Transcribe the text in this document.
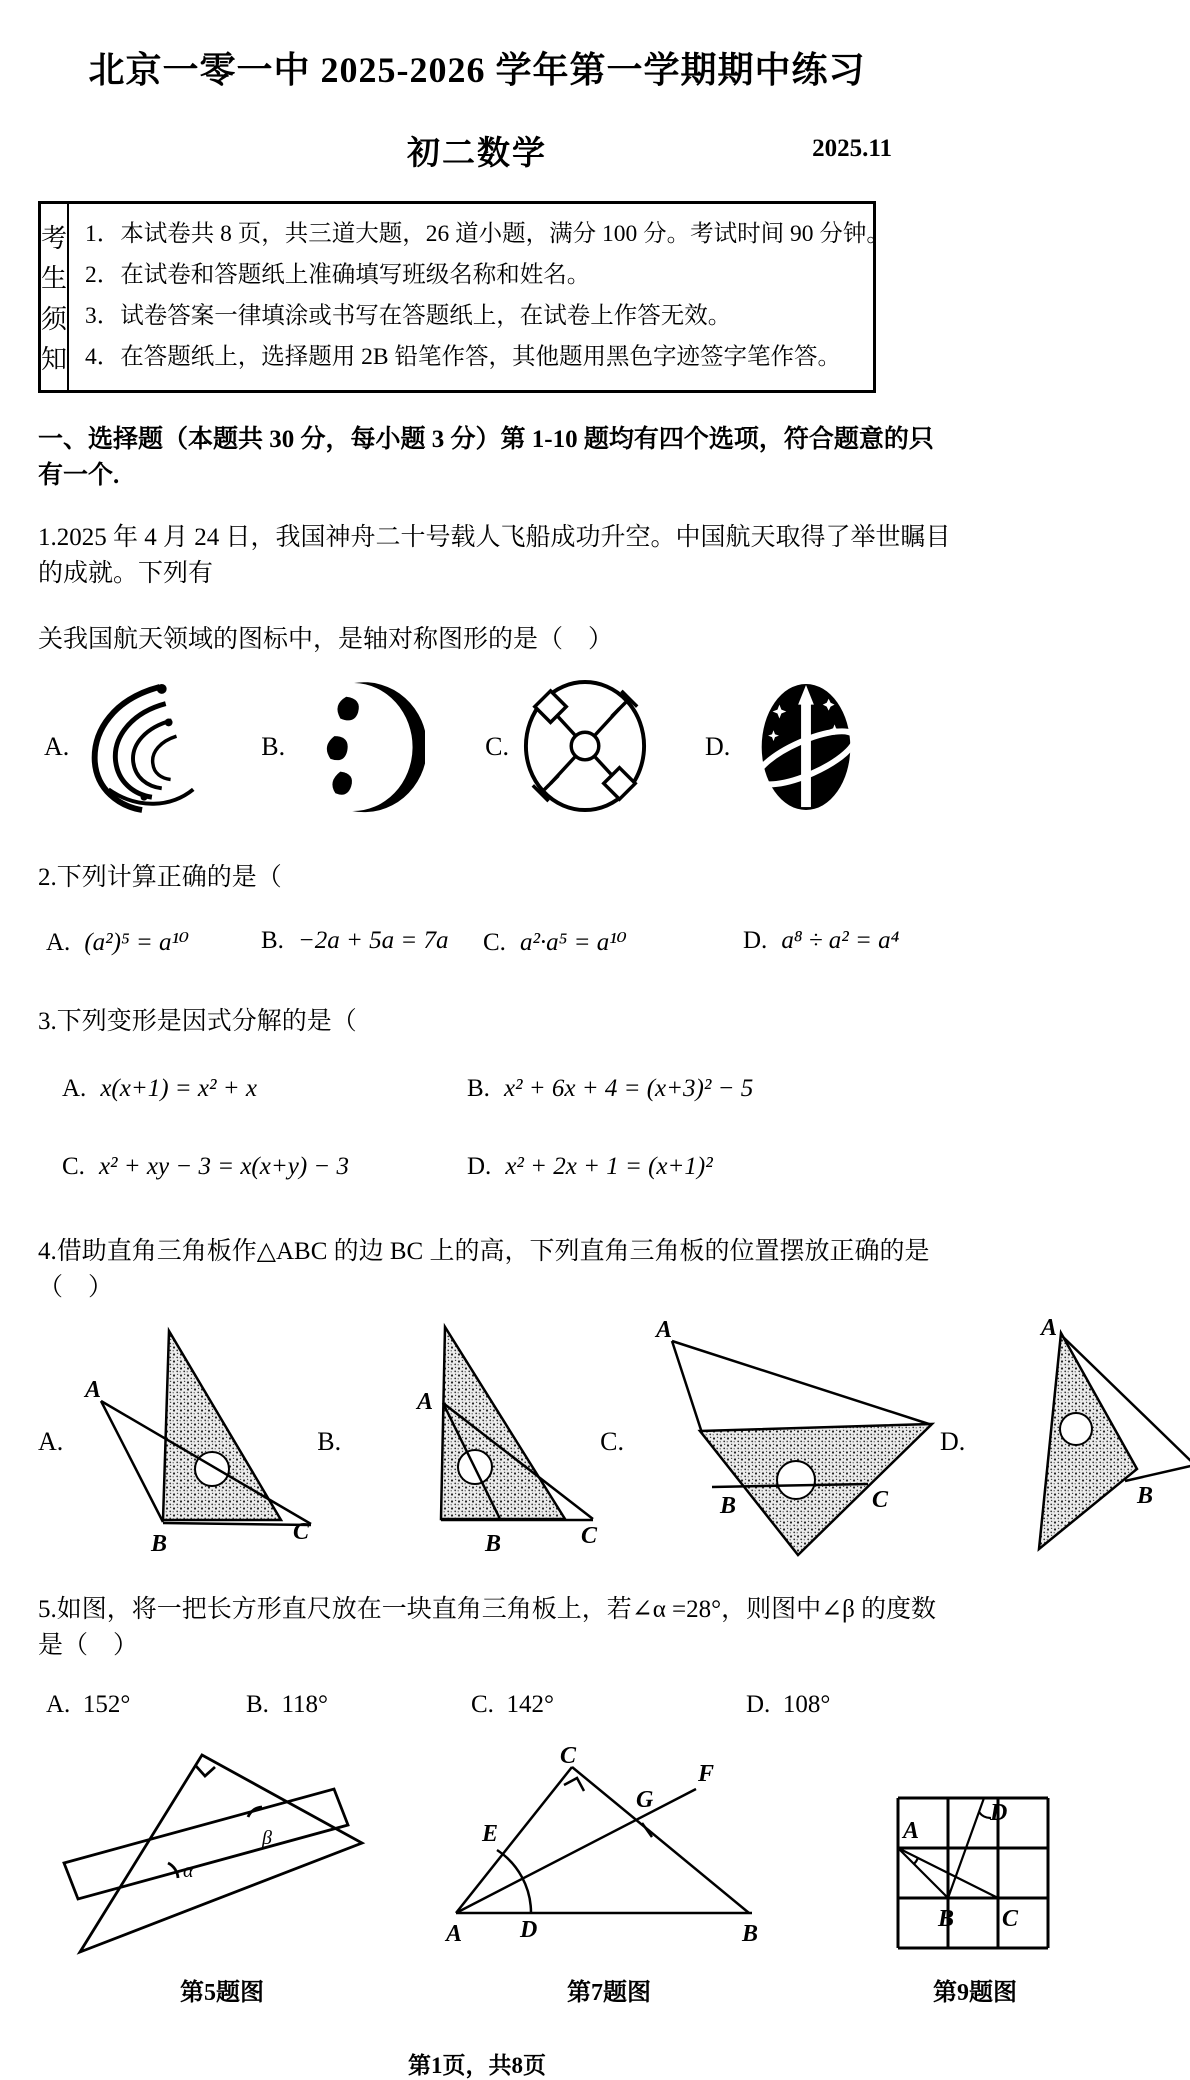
北京一零一中 2025-2026 学年第一学期期中练习
初二数学	2025.11
考
生
须
知
1．本试卷共 8 页，共三道大题，26 道小题，满分 100 分。考试时间 90 分钟。
2．在试卷和答题纸上准确填写班级名称和姓名。
3．试卷答案一律填涂或书写在答题纸上，在试卷上作答无效。
4．在答题纸上，选择题用 2B 铅笔作答，其他题用黑色字迹签字笔作答。
一、选择题（本题共 30 分，每小题 3 分）第 1-10 题均有四个选项，符合题意的只有一个.
1.2025 年 4 月 24 日，我国神舟二十号载人飞船成功升空。中国航天取得了举世瞩目的成就。下列有
关我国航天领域的图标中，是轴对称图形的是（　）
A.	B.	C.	D.
2.下列计算正确的是（
A. (a²)⁵ = a¹⁰	B. −2a + 5a = 7a	C. a²·a⁵ = a¹⁰	D. a⁸ ÷ a² = a⁴
3.下列变形是因式分解的是（
A. x(x+1) = x² + x	B. x² + 6x + 4 = (x+3)² − 5
C. x² + xy − 3 = x(x+y) − 3	D. x² + 2x + 1 = (x+1)²
4.借助直角三角板作△ABC 的边 BC 上的高，下列直角三角板的位置摆放正确的是（　）
A.
A
B	C
B.
A
B	C
C.
A
B	C
D.
A
B
5.如图，将一把长方形直尺放在一块直角三角板上，若∠α =28°，则图中∠β 的度数是（　）
A. 152°	B. 118°	C. 142°	D. 108°
α
β
第5题图
A	B
C
D
E
F
G
第7题图
A
B C
D
第9题图
第1页，共8页
